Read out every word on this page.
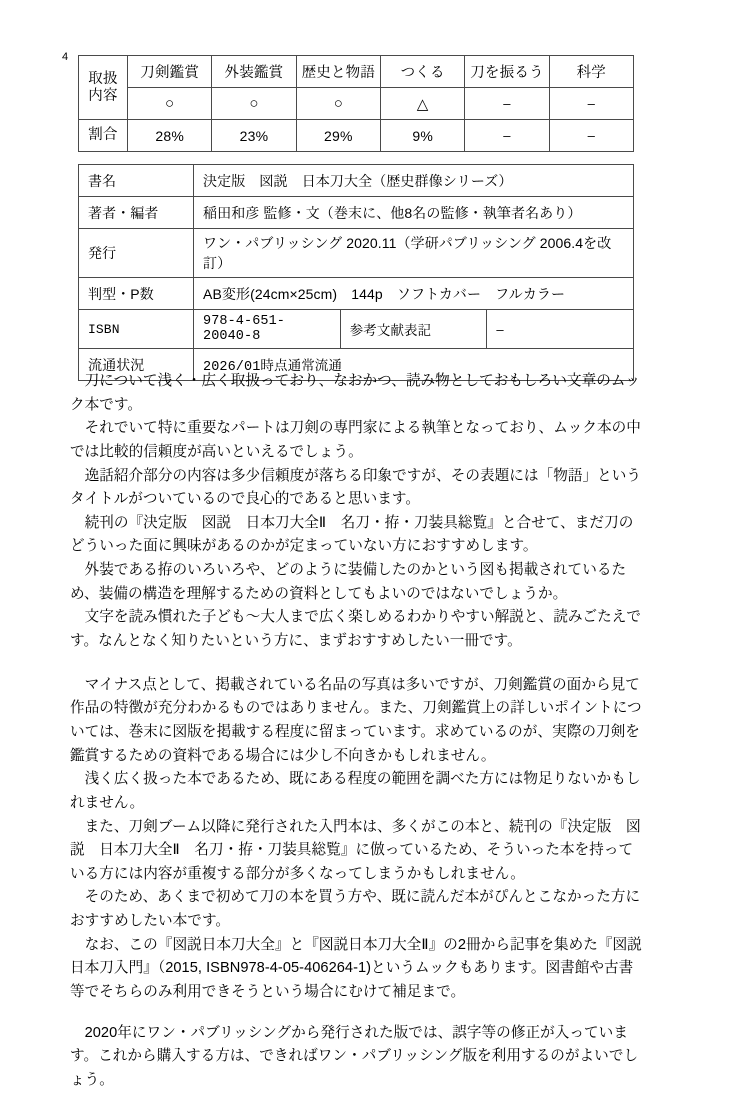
4
取扱
内容	刀剣鑑賞	外装鑑賞	歴史と物語	つくる	刀を振るう	科学
	○	○	○	△	–	–
割合	28%	23%	29%	9%	–	–
書名	決定版　図説　日本刀大全（歴史群像シリーズ）		
著者・編者	稲田和彦 監修・文（巻末に、他8名の監修・執筆者名あり）		
発行	ワン・パブリッシング 2020.11（学研パブリッシング 2006.4を改訂）		
判型・P数	AB変形(24cm×25cm)　144p　ソフトカバー　フルカラー		
ISBN	978-4-651-20040-8	参考文献表記	–
流通状況	2026/01時点通常流通		

刀について浅く・広く取扱っており、なおかつ、読み物としておもしろい文章のムック本です。

それでいて特に重要なパートは刀剣の専門家による執筆となっており、ムック本の中では比較的信頼度が高いといえるでしょう。

逸話紹介部分の内容は多少信頼度が落ちる印象ですが、その表題には「物語」というタイトルがついているので良心的であると思います。

続刊の『決定版　図説　日本刀大全Ⅱ　名刀・拵・刀装具総覧』と合せて、まだ刀のどういった面に興味があるのかが定まっていない方におすすめします。

外装である拵のいろいろや、どのように装備したのかという図も掲載されているため、装備の構造を理解するための資料としてもよいのではないでしょうか。

文字を読み慣れた子ども～大人まで広く楽しめるわかりやすい解説と、読みごたえです。なんとなく知りたいという方に、まずおすすめしたい一冊です。

マイナス点として、掲載されている名品の写真は多いですが、刀剣鑑賞の面から見て作品の特徴が充分わかるものではありません。また、刀剣鑑賞上の詳しいポイントについては、巻末に図版を掲載する程度に留まっています。求めているのが、実際の刀剣を鑑賞するための資料である場合には少し不向きかもしれません。

浅く広く扱った本であるため、既にある程度の範囲を調べた方には物足りないかもしれません。

また、刀剣ブーム以降に発行された入門本は、多くがこの本と、続刊の『決定版　図説　日本刀大全Ⅱ　名刀・拵・刀装具総覧』に倣っているため、そういった本を持っている方には内容が重複する部分が多くなってしまうかもしれません。

そのため、あくまで初めて刀の本を買う方や、既に読んだ本がぴんとこなかった方におすすめしたい本です。

なお、この『図説日本刀大全』と『図説日本刀大全Ⅱ』の2冊から記事を集めた『図説日本刀入門』（2015, ISBN978-4-05-406264-1)というムックもあります。図書館や古書等でそちらのみ利用できそうという場合にむけて補足まで。

2020年にワン・パブリッシングから発行された版では、誤字等の修正が入っています。これから購入する方は、できればワン・パブリッシング版を利用するのがよいでしょう。
